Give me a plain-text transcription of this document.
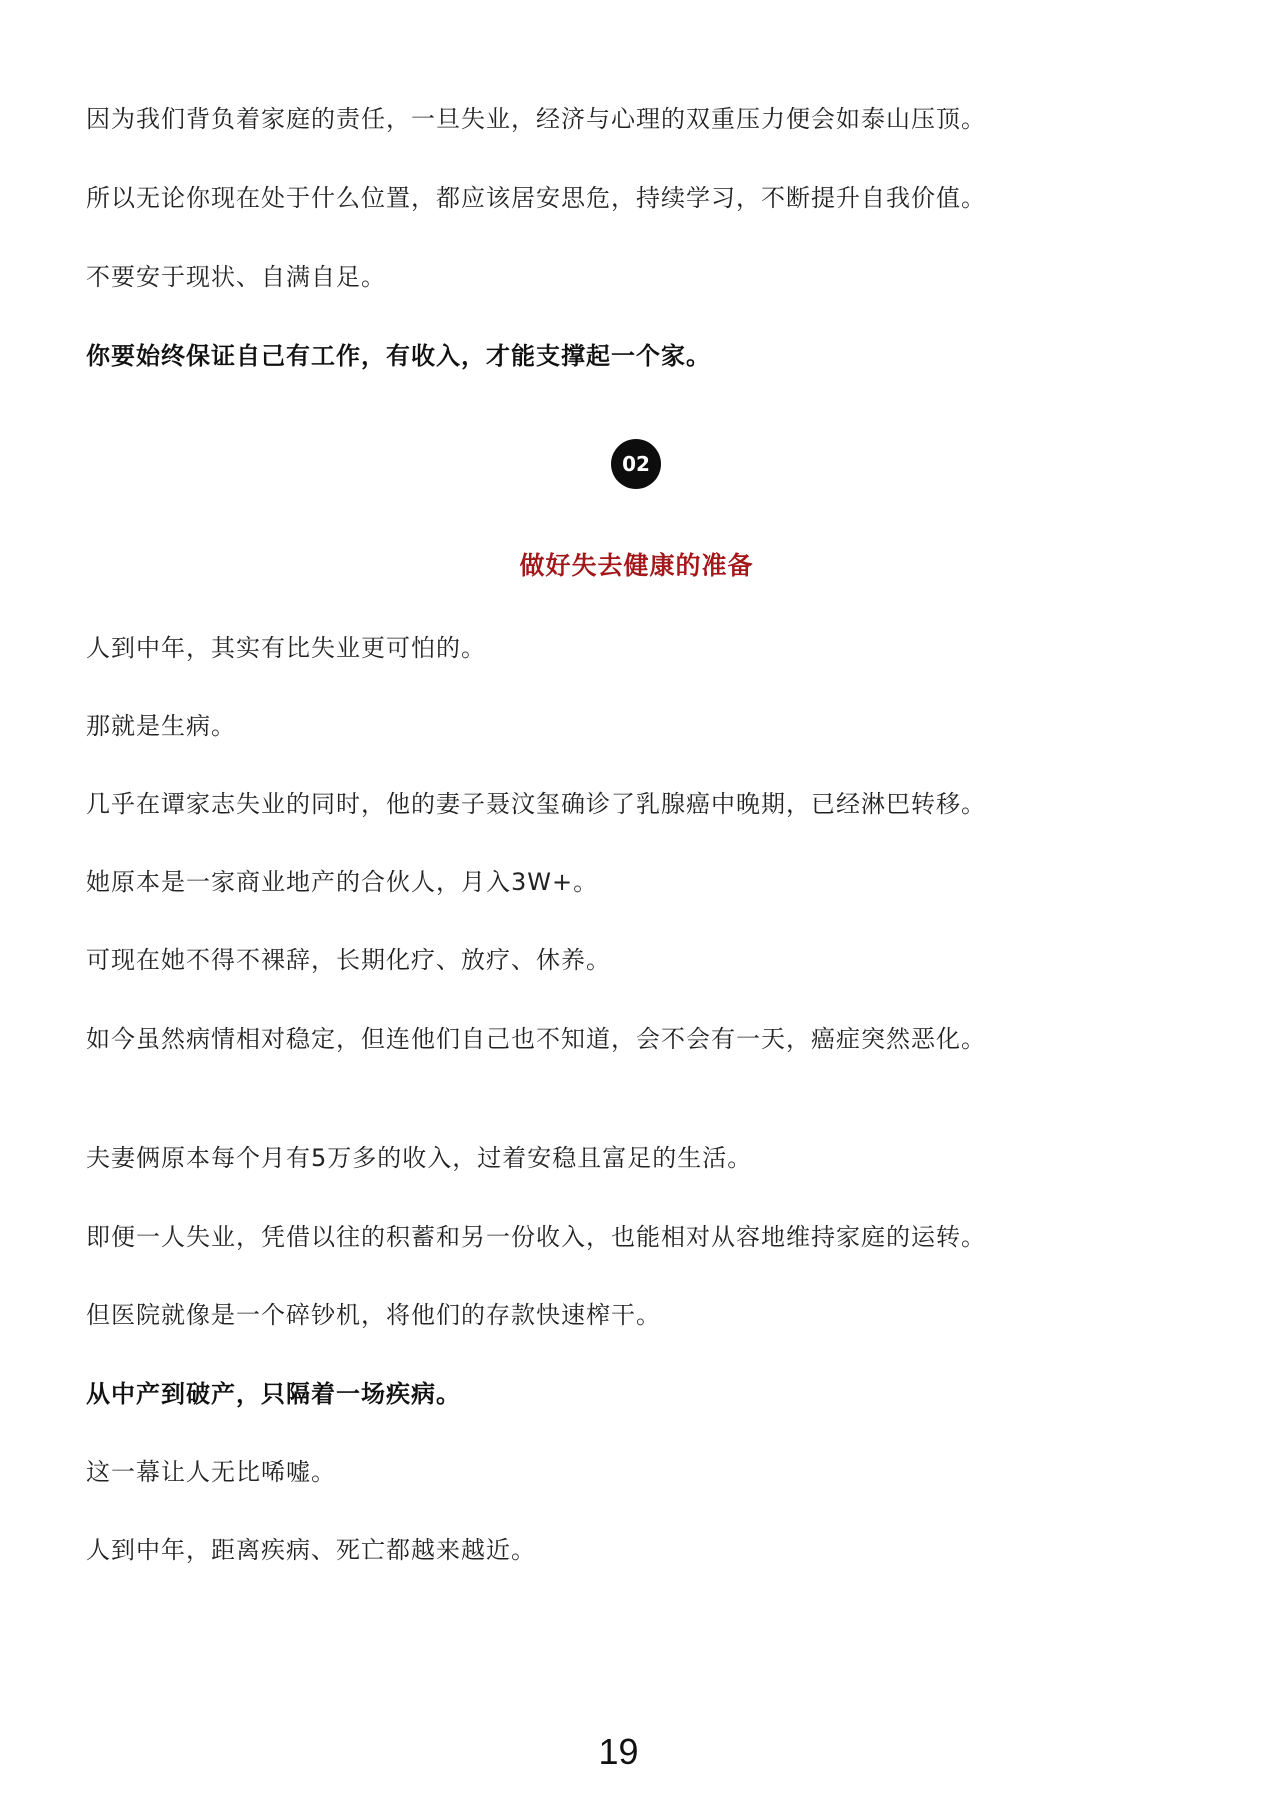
因为我们背负着家庭的责任，一旦失业，经济与心理的双重压力便会如泰山压顶。
所以无论你现在处于什么位置，都应该居安思危，持续学习，不断提升自我价值。
不要安于现状、自满自足。
你要始终保证自己有工作，有收入，才能支撑起一个家。
02
做好失去健康的准备
人到中年，其实有比失业更可怕的。
那就是生病。
几乎在谭家志失业的同时，他的妻子聂汶玺确诊了乳腺癌中晚期，已经淋巴转移。
她原本是一家商业地产的合伙人，月入3W+。
可现在她不得不裸辞，长期化疗、放疗、休养。
如今虽然病情相对稳定，但连他们自己也不知道，会不会有一天，癌症突然恶化。
夫妻俩原本每个月有5万多的收入，过着安稳且富足的生活。
即便一人失业，凭借以往的积蓄和另一份收入，也能相对从容地维持家庭的运转。
但医院就像是一个碎钞机，将他们的存款快速榨干。
从中产到破产，只隔着一场疾病。
这一幕让人无比唏嘘。
人到中年，距离疾病、死亡都越来越近。
19
